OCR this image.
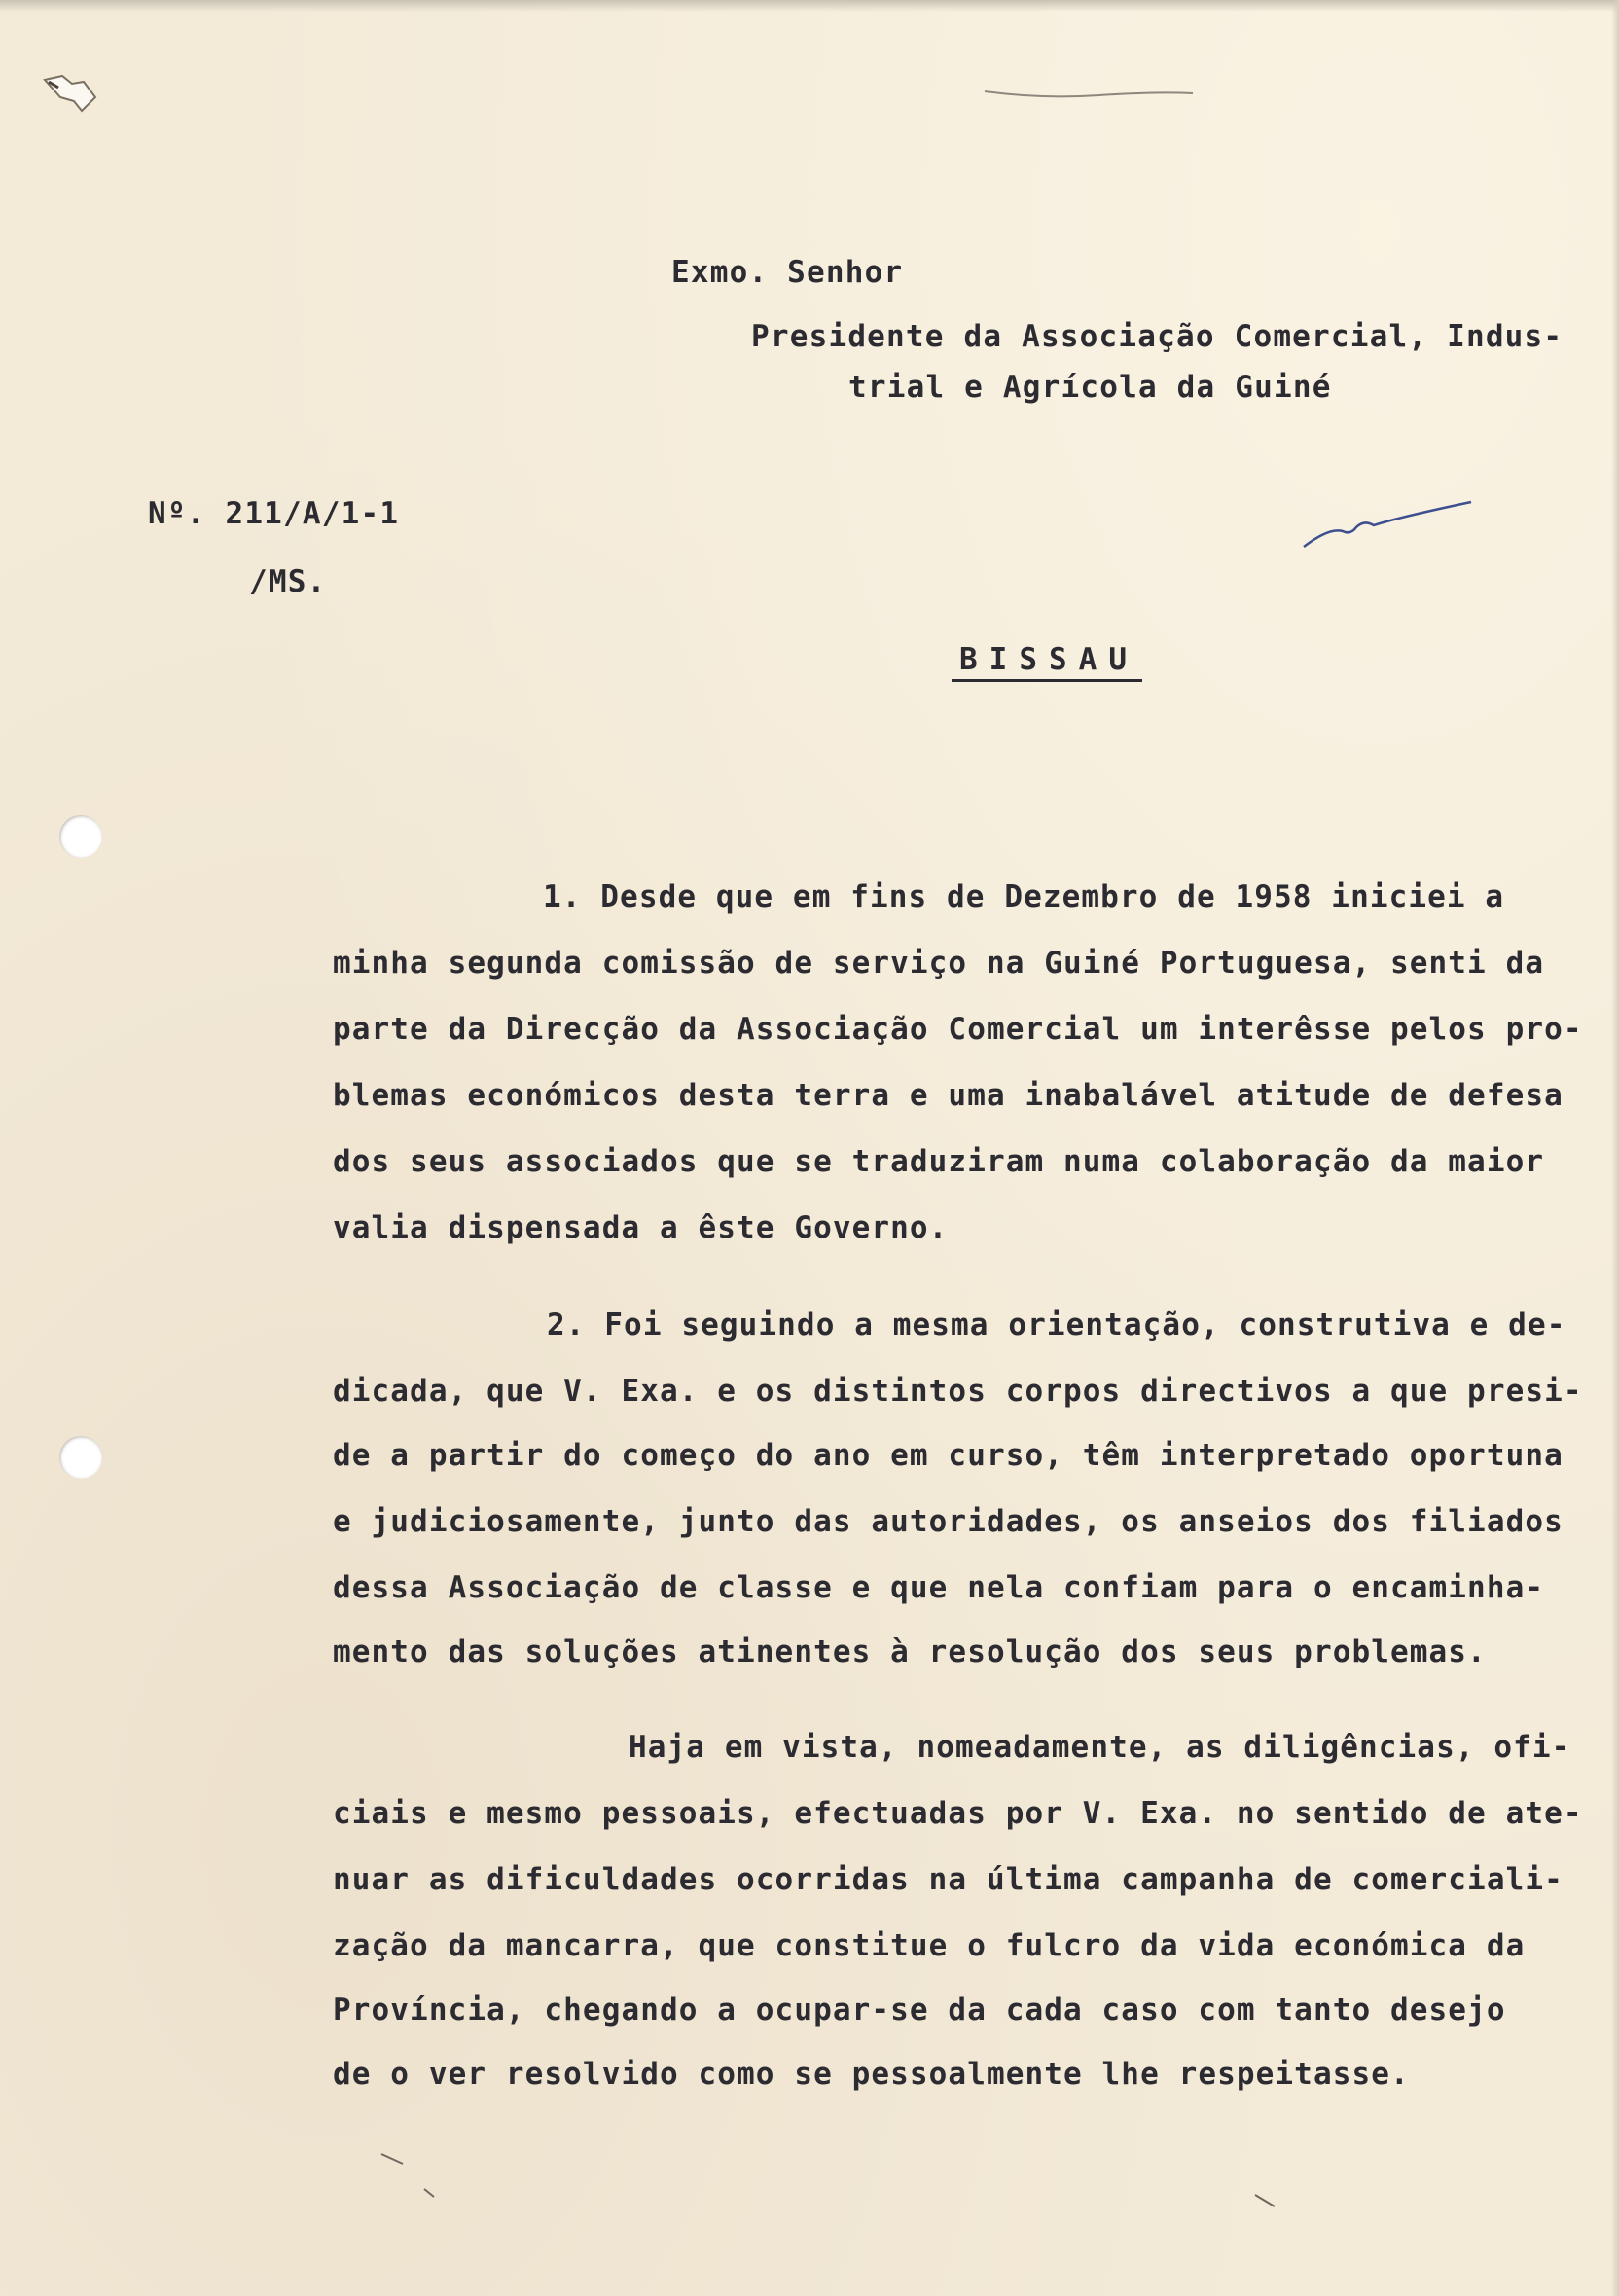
Exmo. Senhor
Presidente da Associação Comercial, Indus-
trial e Agrícola da Guiné
Nº. 211/A/1-1
/MS.
BISSAU
1. Desde que em fins de Dezembro de 1958 iniciei a
minha segunda comissão de serviço na Guiné Portuguesa, senti da
parte da Direcção da Associação Comercial um interêsse pelos pro-
blemas económicos desta terra e uma inabalável atitude de defesa
dos seus associados que se traduziram numa colaboração da maior
valia dispensada a êste Governo.
2. Foi seguindo a mesma orientação, construtiva e de-
dicada, que V. Exa. e os distintos corpos directivos a que presi-
de a partir do começo do ano em curso, têm interpretado oportuna
e judiciosamente, junto das autoridades, os anseios dos filiados
dessa Associação de classe e que nela confiam para o encaminha-
mento das soluções atinentes à resolução dos seus problemas.
Haja em vista, nomeadamente, as diligências, ofi-
ciais e mesmo pessoais, efectuadas por V. Exa. no sentido de ate-
nuar as dificuldades ocorridas na última campanha de comerciali-
zação da mancarra, que constitue o fulcro da vida económica da
Província, chegando a ocupar-se da cada caso com tanto desejo
de o ver resolvido como se pessoalmente lhe respeitasse.
